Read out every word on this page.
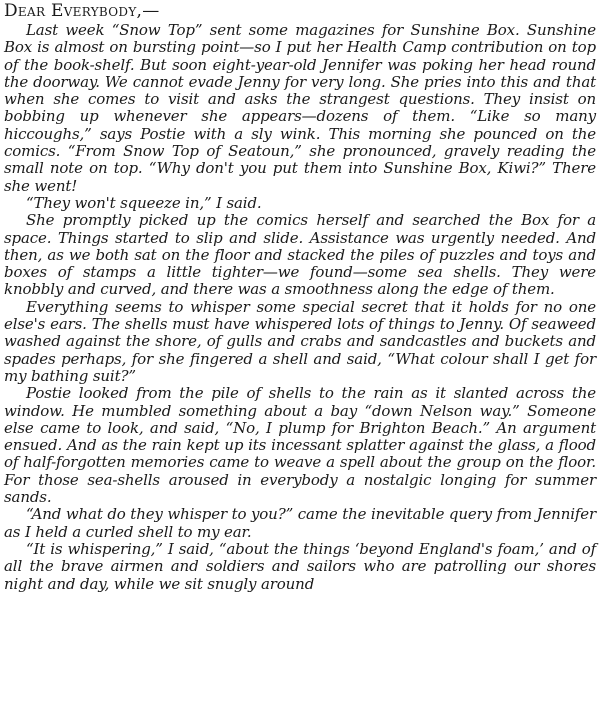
Dear Everybody,—

Last week “Snow Top” sent some magazines for Sunshine Box. Sunshine Box is almost on bursting point—so I put her Health Camp contribution on top of the book-shelf. But soon eight-year-old Jennifer was poking her head round the doorway. We cannot evade Jenny for very long. She pries into this and that when she comes to visit and asks the strangest questions. They insist on bobbing up whenever she appears—dozens of them. “Like so many hiccoughs,” says Postie with a sly wink. This morning she pounced on the comics. “From Snow Top of Seatoun,” she pronounced, gravely reading the small note on top. “Why don't you put them into Sunshine Box, Kiwi?” There she went!

“They won't squeeze in,” I said.

She promptly picked up the comics herself and searched the Box for a space. Things started to slip and slide. Assistance was urgently needed. And then, as we both sat on the floor and stacked the piles of puzzles and toys and boxes of stamps a little tighter—we found—some sea shells. They were knobbly and curved, and there was a smoothness along the edge of them.

Everything seems to whisper some special secret that it holds for no one else's ears. The shells must have whispered lots of things to Jenny. Of seaweed washed against the shore, of gulls and crabs and sandcastles and buckets and spades perhaps, for she fingered a shell and said, “What colour shall I get for my bathing suit?”

Postie looked from the pile of shells to the rain as it slanted across the window. He mumbled something about a bay “down Nelson way.” Someone else came to look, and said, “No, I plump for Brighton Beach.” An argument ensued. And as the rain kept up its incessant splatter against the glass, a flood of half-forgotten memories came to weave a spell about the group on the floor. For those sea-shells aroused in everybody a nostalgic longing for summer sands.

“And what do they whisper to you?” came the inevitable query from Jennifer as I held a curled shell to my ear.

“It is whispering,” I said, “about the things ‘beyond England's foam,’ and of all the brave airmen and soldiers and sailors who are patrolling our shores night and day, while we sit snugly around
